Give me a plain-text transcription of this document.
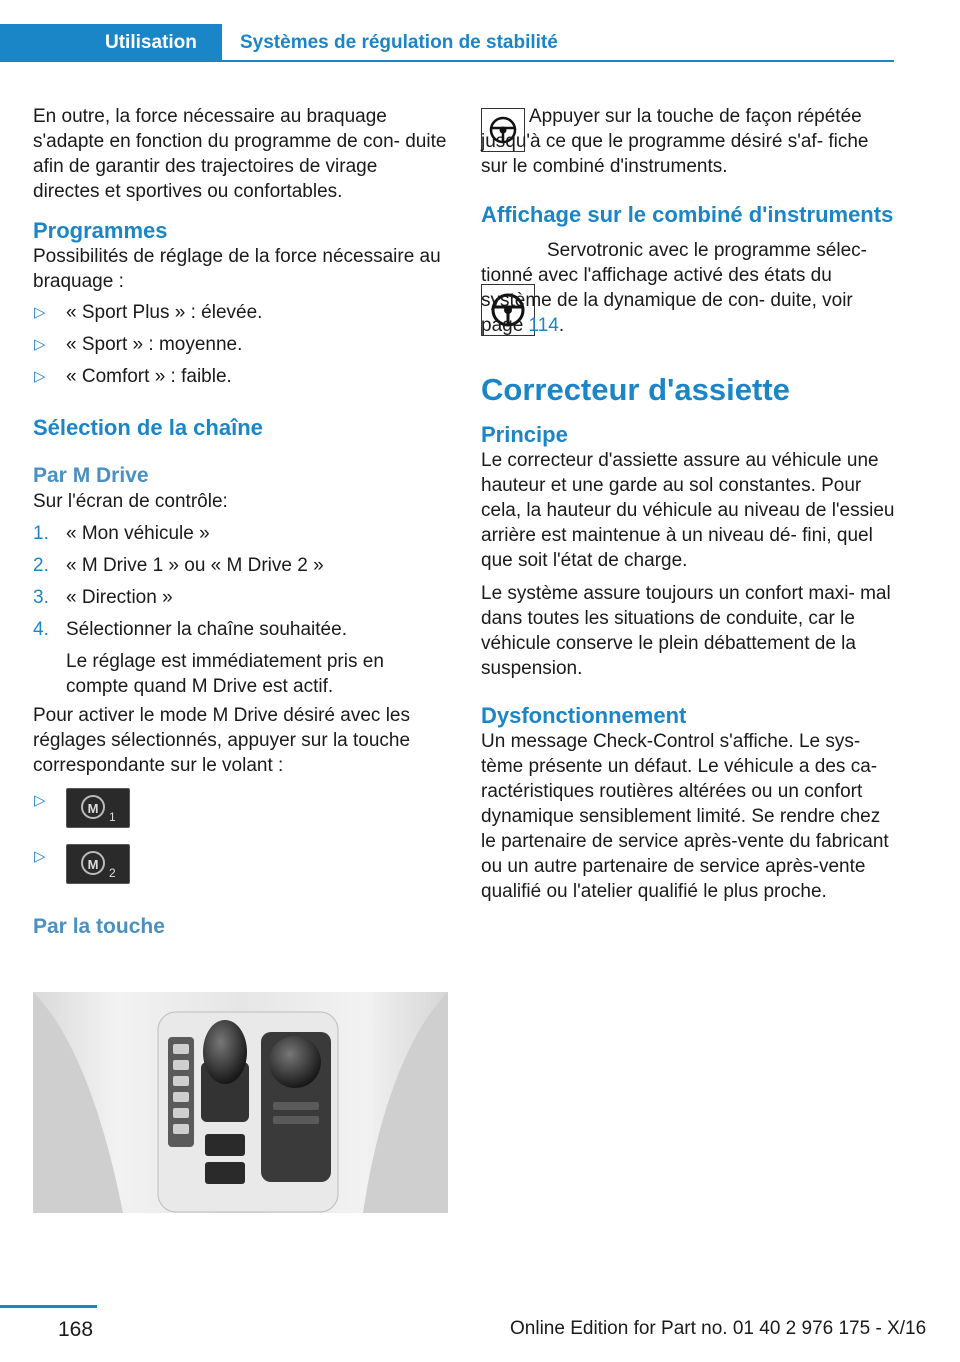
Utilisation	Systèmes de régulation de stabilité

En outre, la force nécessaire au braquage s'adapte en fonction du programme de con‐ duite afin de garantir des trajectoires de virage directes et sportives ou confortables.

Programmes

Possibilités de réglage de la force nécessaire au braquage :

▷ « Sport Plus » : élevée.
▷ « Sport » : moyenne.
▷ « Comfort » : faible.
Sélection de la chaîne
Par M Drive

Sur l'écran de contrôle:

1. « Mon véhicule »
2. « M Drive 1 » ou « M Drive 2 »
3. « Direction »
4. Sélectionner la chaîne souhaitée.

Le réglage est immédiatement pris en compte quand M Drive est actif.

Pour activer le mode M Drive désiré avec les réglages sélectionnés, appuyer sur la touche correspondante sur le volant :

▷	M
1
▷	M
2
Par la touche

Appuyer sur la touche de façon répétée jusqu'à ce que le programme désiré s'af‐ fiche sur le combiné d'instruments.

Affichage sur le combiné d'instruments

Servotronic avec le programme sélec‐ tionné avec l'affichage activé des états du système de la dynamique de con‐ duite, voir page 114.

Correcteur d'assiette
Principe

Le correcteur d'assiette assure au véhicule une hauteur et une garde au sol constantes. Pour cela, la hauteur du véhicule au niveau de l'essieu arrière est maintenue à un niveau dé‐ fini, quel que soit l'état de charge.

Le système assure toujours un confort maxi‐ mal dans toutes les situations de conduite, car le véhicule conserve le plein débattement de la suspension.

Dysfonctionnement

Un message Check-Control s'affiche. Le sys‐ tème présente un défaut. Le véhicule a des ca‐ ractéristiques routières altérées ou un confort dynamique sensiblement limité. Se rendre chez le partenaire de service après-vente du fabricant ou un autre partenaire de service après-vente qualifié ou l'atelier qualifié le plus proche.

168	Online Edition for Part no. 01 40 2 976 175 - X/16
